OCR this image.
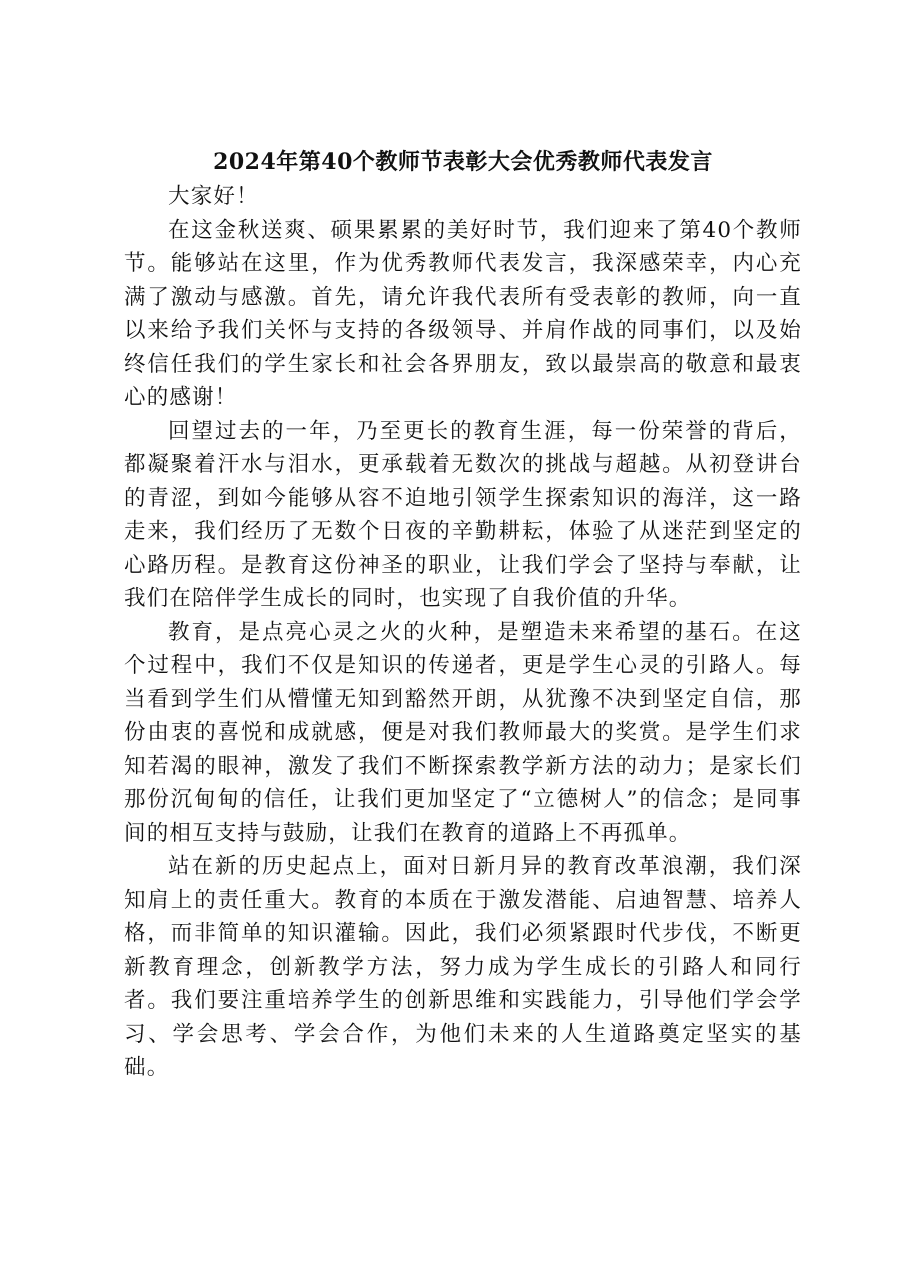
2024年第40个教师节表彰大会优秀教师代表发言

大家好！

在这金秋送爽、硕果累累的美好时节，我们迎来了第40个教师节。能够站在这里，作为优秀教师代表发言，我深感荣幸，内心充满了激动与感激。首先，请允许我代表所有受表彰的教师，向一直以来给予我们关怀与支持的各级领导、并肩作战的同事们，以及始终信任我们的学生家长和社会各界朋友，致以最崇高的敬意和最衷心的感谢！

回望过去的一年，乃至更长的教育生涯，每一份荣誉的背后，都凝聚着汗水与泪水，更承载着无数次的挑战与超越。从初登讲台的青涩，到如今能够从容不迫地引领学生探索知识的海洋，这一路走来，我们经历了无数个日夜的辛勤耕耘，体验了从迷茫到坚定的心路历程。是教育这份神圣的职业，让我们学会了坚持与奉献，让我们在陪伴学生成长的同时，也实现了自我价值的升华。

教育，是点亮心灵之火的火种，是塑造未来希望的基石。在这个过程中，我们不仅是知识的传递者，更是学生心灵的引路人。每当看到学生们从懵懂无知到豁然开朗，从犹豫不决到坚定自信，那份由衷的喜悦和成就感，便是对我们教师最大的奖赏。是学生们求知若渴的眼神，激发了我们不断探索教学新方法的动力；是家长们那份沉甸甸的信任，让我们更加坚定了“立德树人”的信念；是同事间的相互支持与鼓励，让我们在教育的道路上不再孤单。

站在新的历史起点上，面对日新月异的教育改革浪潮，我们深知肩上的责任重大。教育的本质在于激发潜能、启迪智慧、培养人格，而非简单的知识灌输。因此，我们必须紧跟时代步伐，不断更新教育理念，创新教学方法，努力成为学生成长的引路人和同行者。我们要注重培养学生的创新思维和实践能力，引导他们学会学习、学会思考、学会合作，为他们未来的人生道路奠定坚实的基础。
